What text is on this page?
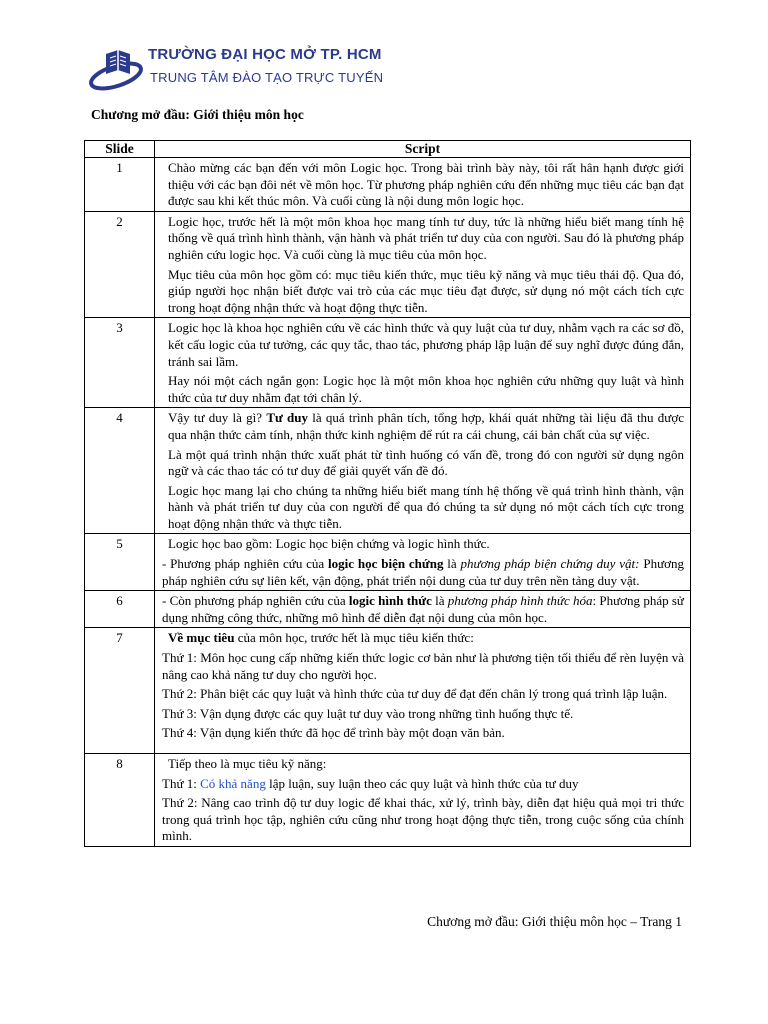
TRƯỜNG ĐẠI HỌC MỞ TP. HCM
TRUNG TÂM ĐÀO TẠO TRỰC TUYẾN
Chương mở đầu: Giới thiệu môn học
Slide	Script
1	Chào mừng các bạn đến với môn Logic học. Trong bài trình bày này, tôi rất hân hạnh được giới thiệu với các bạn đôi nét về môn học. Từ phương pháp nghiên cứu đến những mục tiêu các bạn đạt được sau khi kết thúc môn. Và cuối cùng là nội dung môn logic học.

2	Logic học, trước hết là một môn khoa học mang tính tư duy, tức là những hiểu biết mang tính hệ thống về quá trình hình thành, vận hành và phát triển tư duy của con người. Sau đó là phương pháp nghiên cứu logic học. Và cuối cùng là mục tiêu của môn học.

Mục tiêu của môn học gồm có: mục tiêu kiến thức, mục tiêu kỹ năng và mục tiêu thái độ. Qua đó, giúp người học nhận biết được vai trò của các mục tiêu đạt được, sử dụng nó một cách tích cực trong hoạt động nhận thức và hoạt động thực tiễn.

3	Logic học là khoa học nghiên cứu về các hình thức và quy luật của tư duy, nhằm vạch ra các sơ đồ, kết cấu logic của tư tưởng, các quy tắc, thao tác, phương pháp lập luận để suy nghĩ được đúng đắn, tránh sai lầm.

Hay nói một cách ngắn gọn: Logic học là một môn khoa học nghiên cứu những quy luật và hình thức của tư duy nhằm đạt tới chân lý.

4	Vậy tư duy là gì? Tư duy là quá trình phân tích, tổng hợp, khái quát những tài liệu đã thu được qua nhận thức cảm tính, nhận thức kinh nghiệm để rút ra cái chung, cái bản chất của sự việc.

Là một quá trình nhận thức xuất phát từ tình huống có vấn đề, trong đó con người sử dụng ngôn ngữ và các thao tác có tư duy để giải quyết vấn đề đó.

Logic học mang lại cho chúng ta những hiểu biết mang tính hệ thống về quá trình hình thành, vận hành và phát triển tư duy của con người để qua đó chúng ta sử dụng nó một cách tích cực trong hoạt động nhận thức và thực tiễn.

5	Logic học bao gồm: Logic học biện chứng và logic hình thức.

- Phương pháp nghiên cứu của logic học biện chứng là phương pháp biện chứng duy vật: Phương pháp nghiên cứu sự liên kết, vận động, phát triển nội dung của tư duy trên nền tảng duy vật.

6	- Còn phương pháp nghiên cứu của logic hình thức là phương pháp hình thức hóa: Phương pháp sử dụng những công thức, những mô hình để diễn đạt nội dung của môn học.

7	Về mục tiêu của môn học, trước hết là mục tiêu kiến thức:

Thứ 1: Môn học cung cấp những kiến thức logic cơ bản như là phương tiện tối thiểu để rèn luyện và nâng cao khả năng tư duy cho người học.

Thứ 2: Phân biệt các quy luật và hình thức của tư duy để đạt đến chân lý trong quá trình lập luận.

Thứ 3: Vận dụng được các quy luật tư duy vào trong những tình huống thực tế.

Thứ 4: Vận dụng kiến thức đã học để trình bày một đoạn văn bản.

8	Tiếp theo là mục tiêu kỹ năng:

Thứ 1: Có khả năng lập luận, suy luận theo các quy luật và hình thức của tư duy

Thứ 2: Nâng cao trình độ tư duy logic để khai thác, xử lý, trình bày, diễn đạt hiệu quả mọi tri thức trong quá trình học tập, nghiên cứu cũng như trong hoạt động thực tiễn, trong cuộc sống của chính mình.

Chương mở đầu: Giới thiệu môn học – Trang 1
